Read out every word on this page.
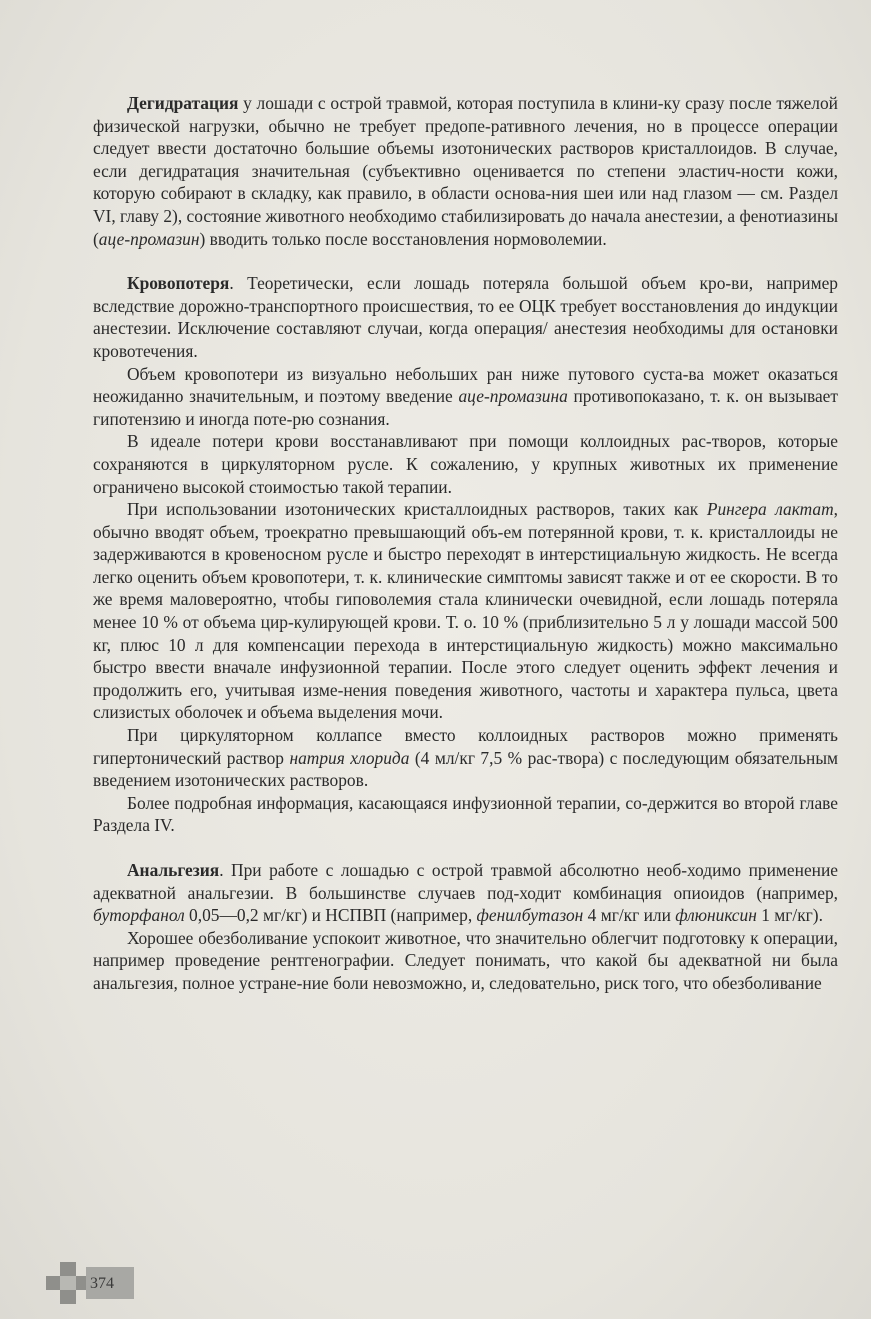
Дегидратация у лошади с острой травмой, которая поступила в клини-ку сразу после тяжелой физической нагрузки, обычно не требует предопе-ративного лечения, но в процессе операции следует ввести достаточно большие объемы изотонических растворов кристаллоидов. В случае, если дегидратация значительная (субъективно оценивается по степени эластич-ности кожи, которую собирают в складку, как правило, в области основа-ния шеи или над глазом — см. Раздел VI, главу 2), состояние животного необходимо стабилизировать до начала анестезии, а фенотиазины (аце-промазин) вводить только после восстановления нормоволемии.

Кровопотеря. Теоретически, если лошадь потеряла большой объем кро-ви, например вследствие дорожно-транспортного происшествия, то ее ОЦК требует восстановления до индукции анестезии. Исключение составляют случаи, когда операция/ анестезия необходимы для остановки кровотечения.

Объем кровопотери из визуально небольших ран ниже путового суста-ва может оказаться неожиданно значительным, и поэтому введение аце-промазина противопоказано, т. к. он вызывает гипотензию и иногда поте-рю сознания.

В идеале потери крови восстанавливают при помощи коллоидных рас-творов, которые сохраняются в циркуляторном русле. К сожалению, у крупных животных их применение ограничено высокой стоимостью такой терапии.

При использовании изотонических кристаллоидных растворов, таких как Рингера лактат, обычно вводят объем, троекратно превышающий объ-ем потерянной крови, т. к. кристаллоиды не задерживаются в кровеносном русле и быстро переходят в интерстициальную жидкость. Не всегда легко оценить объем кровопотери, т. к. клинические симптомы зависят также и от ее скорости. В то же время маловероятно, чтобы гиповолемия стала клинически очевидной, если лошадь потеряла менее 10 % от объема цир-кулирующей крови. Т. о. 10 % (приблизительно 5 л у лошади массой 500 кг, плюс 10 л для компенсации перехода в интерстициальную жидкость) можно максимально быстро ввести вначале инфузионной терапии. После этого следует оценить эффект лечения и продолжить его, учитывая изме-нения поведения животного, частоты и характера пульса, цвета слизистых оболочек и объема выделения мочи.

При циркуляторном коллапсе вместо коллоидных растворов можно применять гипертонический раствор натрия хлорида (4 мл/кг 7,5 % рас-твора) с последующим обязательным введением изотонических растворов.

Более подробная информация, касающаяся инфузионной терапии, со-держится во второй главе Раздела IV.

Анальгезия. При работе с лошадью с острой травмой абсолютно необ-ходимо применение адекватной анальгезии. В большинстве случаев под-ходит комбинация опиоидов (например, буторфанол 0,05—0,2 мг/кг) и НСПВП (например, фенилбутазон 4 мг/кг или флюниксин 1 мг/кг).

Хорошее обезболивание успокоит животное, что значительно облегчит подготовку к операции, например проведение рентгенографии. Следует понимать, что какой бы адекватной ни была анальгезия, полное устране-ние боли невозможно, и, следовательно, риск того, что обезболивание

374
